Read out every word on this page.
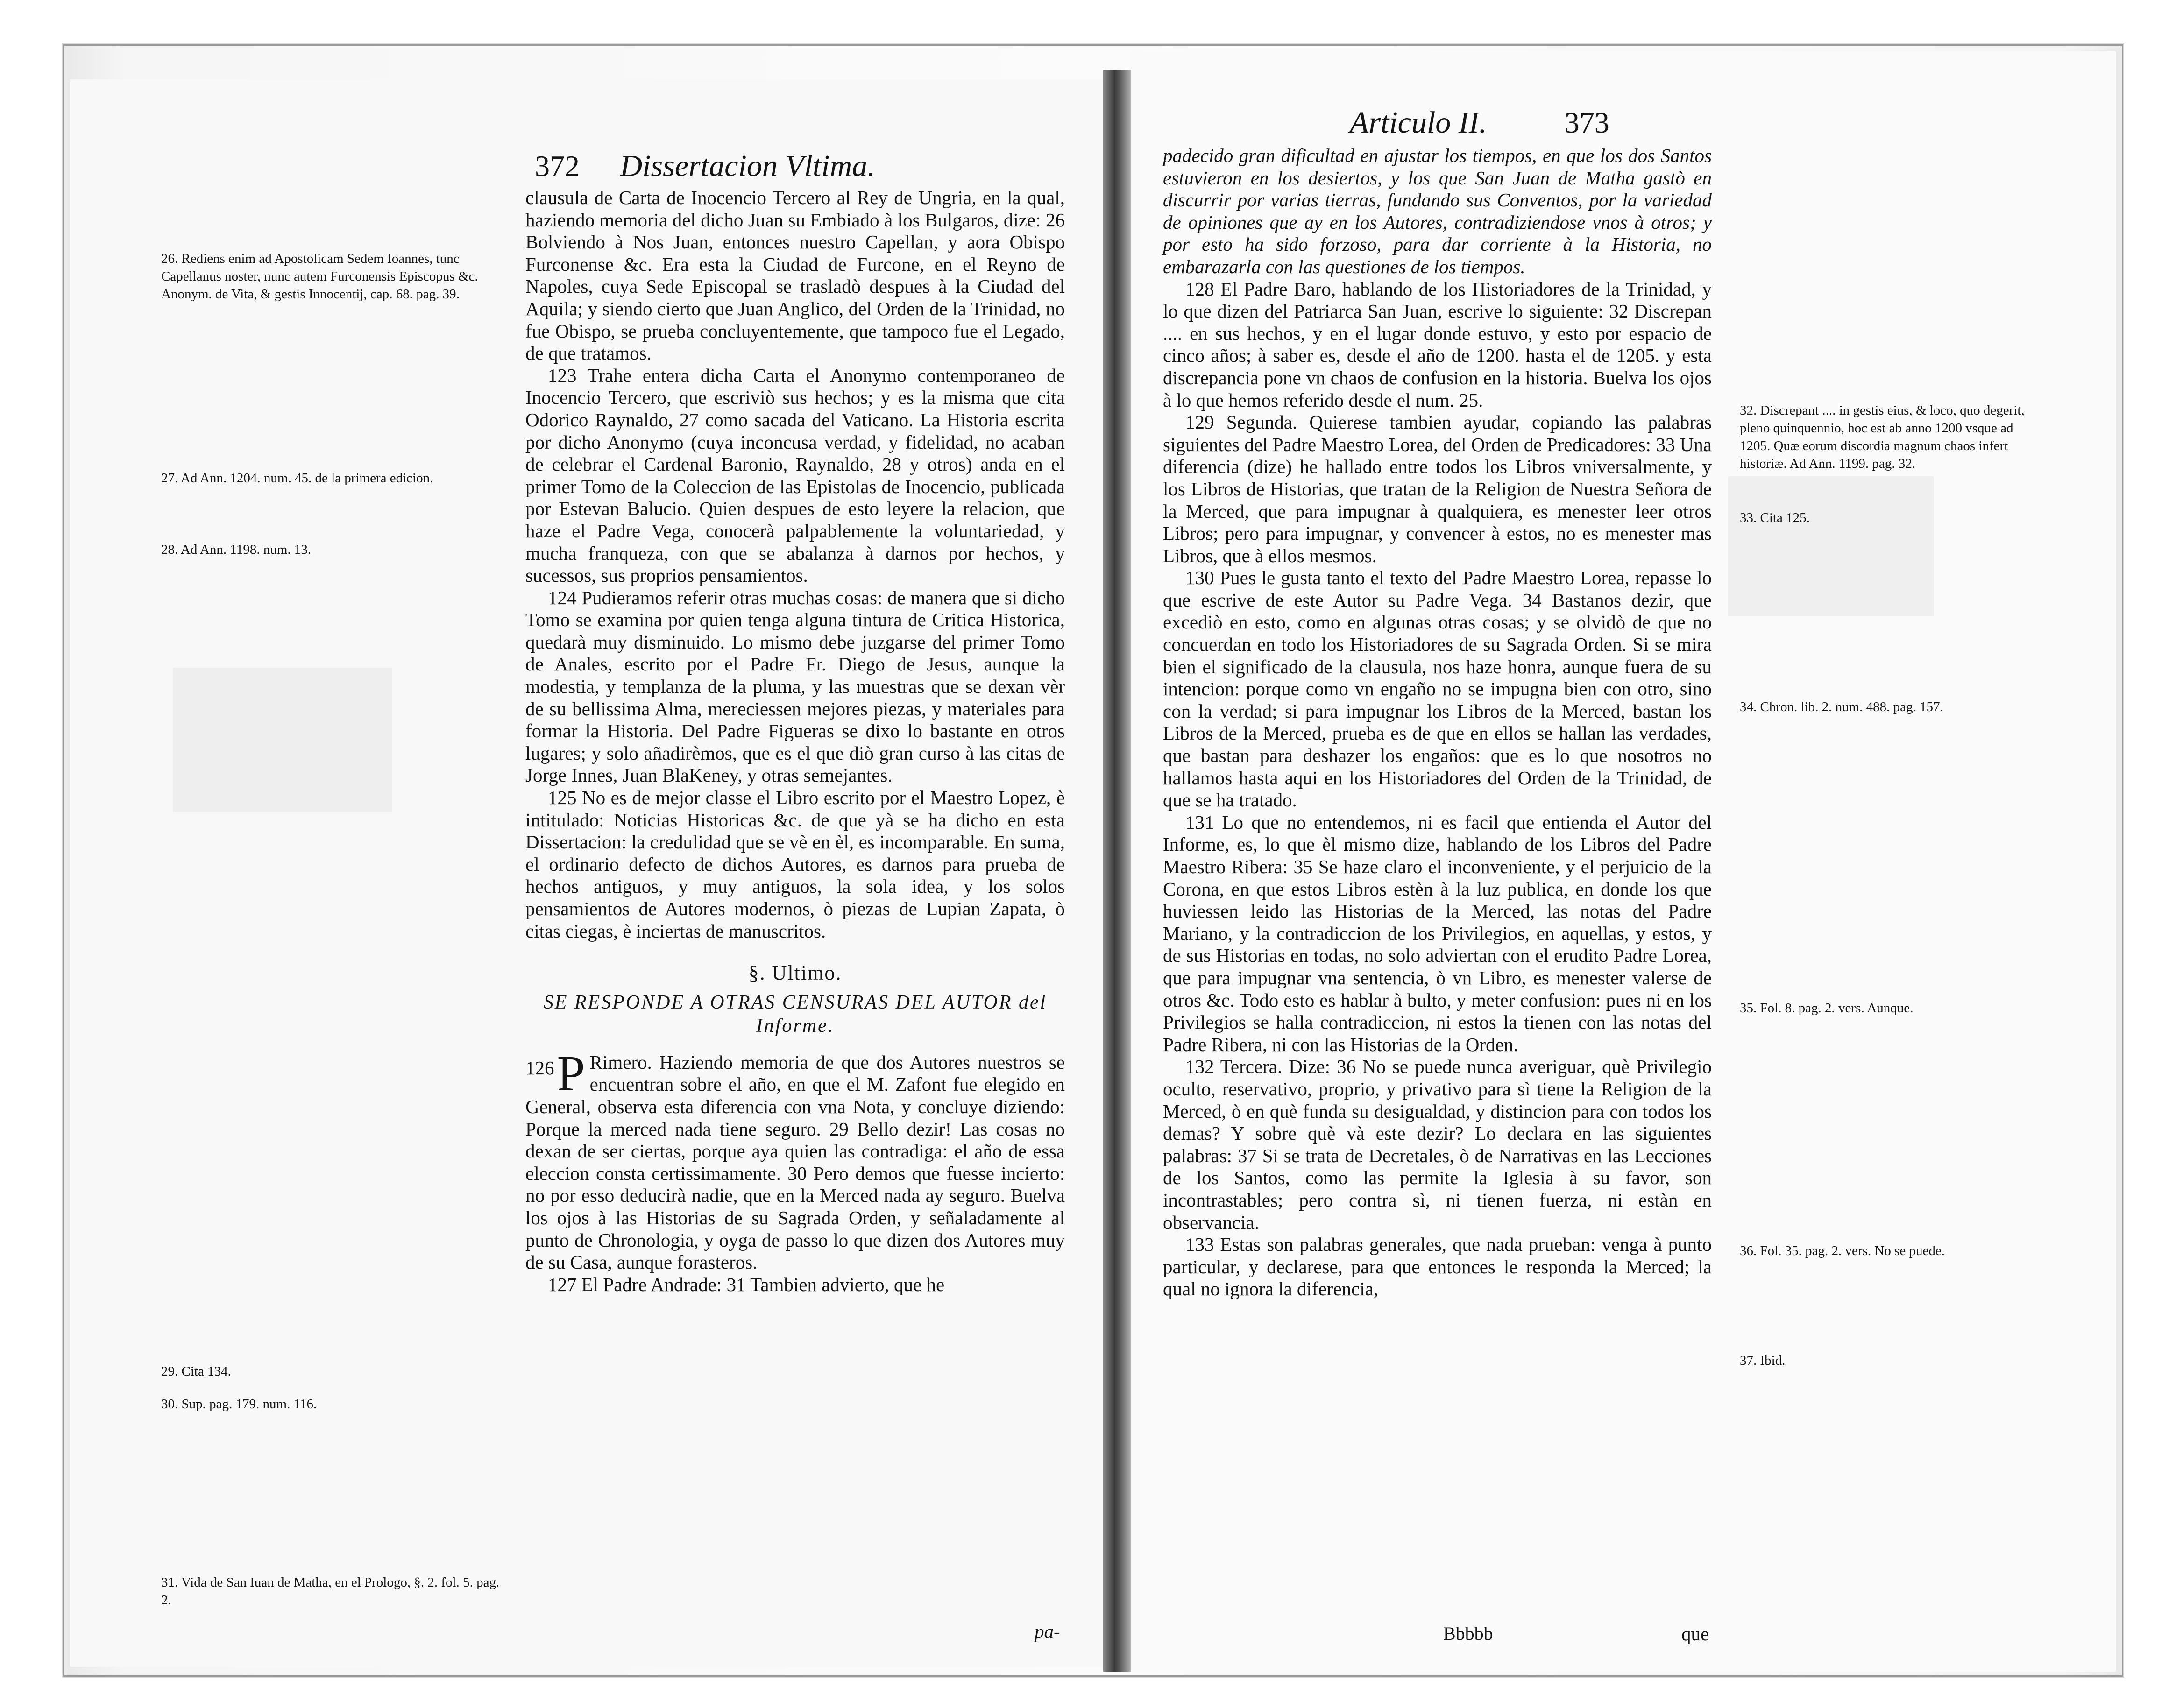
372 Dissertacion Vltima.
26. Rediens enim ad Apostolicam Sedem Ioannes, tunc Capellanus noster, nunc autem Furconensis Episcopus &c. Anonym. de Vita, & gestis Innocentij, cap. 68. pag. 39.
27. Ad Ann. 1204. num. 45. de la primera edicion.
28. Ad Ann. 1198. num. 13.
29. Cita 134.
30. Sup. pag. 179. num. 116.
31. Vida de San Iuan de Matha, en el Prologo, §. 2. fol. 5. pag. 2.

clausula de Carta de Inocencio Tercero al Rey de Ungria, en la qual, haziendo memoria del dicho Juan su Embiado à los Bulgaros, dize: 26 Bolviendo à Nos Juan, entonces nuestro Capellan, y aora Obispo Furconense &c. Era esta la Ciudad de Furcone, en el Reyno de Napoles, cuya Sede Episcopal se trasladò despues à la Ciudad del Aquila; y siendo cierto que Juan Anglico, del Orden de la Trinidad, no fue Obispo, se prueba concluyentemente, que tampoco fue el Legado, de que tratamos.

123 Trahe entera dicha Carta el Anonymo contemporaneo de Inocencio Tercero, que escriviò sus hechos; y es la misma que cita Odorico Raynaldo, 27 como sacada del Vaticano. La Historia escrita por dicho Anonymo (cuya inconcusa verdad, y fidelidad, no acaban de celebrar el Cardenal Baronio, Raynaldo, 28 y otros) anda en el primer Tomo de la Coleccion de las Epistolas de Inocencio, publicada por Estevan Balucio. Quien despues de esto leyere la relacion, que haze el Padre Vega, conocerà palpablemente la voluntariedad, y mucha franqueza, con que se abalanza à darnos por hechos, y sucessos, sus proprios pensamientos.

124 Pudieramos referir otras muchas cosas: de manera que si dicho Tomo se examina por quien tenga alguna tintura de Critica Historica, quedarà muy disminuido. Lo mismo debe juzgarse del primer Tomo de Anales, escrito por el Padre Fr. Diego de Jesus, aunque la modestia, y templanza de la pluma, y las muestras que se dexan vèr de su bellissima Alma, mereciessen mejores piezas, y materiales para formar la Historia. Del Padre Figueras se dixo lo bastante en otros lugares; y solo añadirèmos, que es el que diò gran curso à las citas de Jorge Innes, Juan BlaKeney, y otras semejantes.

125 No es de mejor classe el Libro escrito por el Maestro Lopez, è intitulado: Noticias Historicas &c. de que yà se ha dicho en esta Dissertacion: la credulidad que se vè en èl, es incomparable. En suma, el ordinario defecto de dichos Autores, es darnos para prueba de hechos antiguos, y muy antiguos, la sola idea, y los solos pensamientos de Autores modernos, ò piezas de Lupian Zapata, ò citas ciegas, è inciertas de manuscritos.

§. Ultimo.
SE RESPONDE A OTRAS CENSURAS DEL AUTOR del Informe.

126 P Rimero. Haziendo memoria de que dos Autores nuestros se encuentran sobre el año, en que el M. Zafont fue elegido en General, observa esta diferencia con vna Nota, y concluye diziendo: Porque la merced nada tiene seguro. 29 Bello dezir! Las cosas no dexan de ser ciertas, porque aya quien las contradiga: el año de essa eleccion consta certissimamente. 30 Pero demos que fuesse incierto: no por esso deducirà nadie, que en la Merced nada ay seguro. Buelva los ojos à las Historias de su Sagrada Orden, y señaladamente al punto de Chronologia, y oyga de passo lo que dizen dos Autores muy de su Casa, aunque forasteros.

127 El Padre Andrade: 31 Tambien advierto, que he

pa-
Articulo II.	373

padecido gran dificultad en ajustar los tiempos, en que los dos Santos estuvieron en los desiertos, y los que San Juan de Matha gastò en discurrir por varias tierras, fundando sus Conventos, por la variedad de opiniones que ay en los Autores, contradiziendose vnos à otros; y por esto ha sido forzoso, para dar corriente à la Historia, no embarazarla con las questiones de los tiempos.

128 El Padre Baro, hablando de los Historiadores de la Trinidad, y lo que dizen del Patriarca San Juan, escrive lo siguiente: 32 Discrepan .... en sus hechos, y en el lugar donde estuvo, y esto por espacio de cinco años; à saber es, desde el año de 1200. hasta el de 1205. y esta discrepancia pone vn chaos de confusion en la historia. Buelva los ojos à lo que hemos referido desde el num. 25.

129 Segunda. Quierese tambien ayudar, copiando las palabras siguientes del Padre Maestro Lorea, del Orden de Predicadores: 33 Una diferencia (dize) he hallado entre todos los Libros vniversalmente, y los Libros de Historias, que tratan de la Religion de Nuestra Señora de la Merced, que para impugnar à qualquiera, es menester leer otros Libros; pero para impugnar, y convencer à estos, no es menester mas Libros, que à ellos mesmos.

130 Pues le gusta tanto el texto del Padre Maestro Lorea, repasse lo que escrive de este Autor su Padre Vega. 34 Bastanos dezir, que excediò en esto, como en algunas otras cosas; y se olvidò de que no concuerdan en todo los Historiadores de su Sagrada Orden. Si se mira bien el significado de la clausula, nos haze honra, aunque fuera de su intencion: porque como vn engaño no se impugna bien con otro, sino con la verdad; si para impugnar los Libros de la Merced, bastan los Libros de la Merced, prueba es de que en ellos se hallan las verdades, que bastan para deshazer los engaños: que es lo que nosotros no hallamos hasta aqui en los Historiadores del Orden de la Trinidad, de que se ha tratado.

131 Lo que no entendemos, ni es facil que entienda el Autor del Informe, es, lo que èl mismo dize, hablando de los Libros del Padre Maestro Ribera: 35 Se haze claro el inconveniente, y el perjuicio de la Corona, en que estos Libros estèn à la luz publica, en donde los que huviessen leido las Historias de la Merced, las notas del Padre Mariano, y la contradiccion de los Privilegios, en aquellas, y estos, y de sus Historias en todas, no solo adviertan con el erudito Padre Lorea, que para impugnar vna sentencia, ò vn Libro, es menester valerse de otros &c. Todo esto es hablar à bulto, y meter confusion: pues ni en los Privilegios se halla contradiccion, ni estos la tienen con las notas del Padre Ribera, ni con las Historias de la Orden.

132 Tercera. Dize: 36 No se puede nunca averiguar, què Privilegio oculto, reservativo, proprio, y privativo para sì tiene la Religion de la Merced, ò en què funda su desigualdad, y distincion para con todos los demas? Y sobre què và este dezir? Lo declara en las siguientes palabras: 37 Si se trata de Decretales, ò de Narrativas en las Lecciones de los Santos, como las permite la Iglesia à su favor, son incontrastables; pero contra sì, ni tienen fuerza, ni estàn en observancia.

133 Estas son palabras generales, que nada prueban: venga à punto particular, y declarese, para que entonces le responda la Merced; la qual no ignora la diferencia,

Bbbbb	que
32. Discrepant .... in gestis eius, & loco, quo degerit, pleno quinquennio, hoc est ab anno 1200 vsque ad 1205. Quæ eorum discordia magnum chaos infert historiæ. Ad Ann. 1199. pag. 32.
33. Cita 125.
34. Chron. lib. 2. num. 488. pag. 157.
35. Fol. 8. pag. 2. vers. Aunque.
36. Fol. 35. pag. 2. vers. No se puede.
37. Ibid.
